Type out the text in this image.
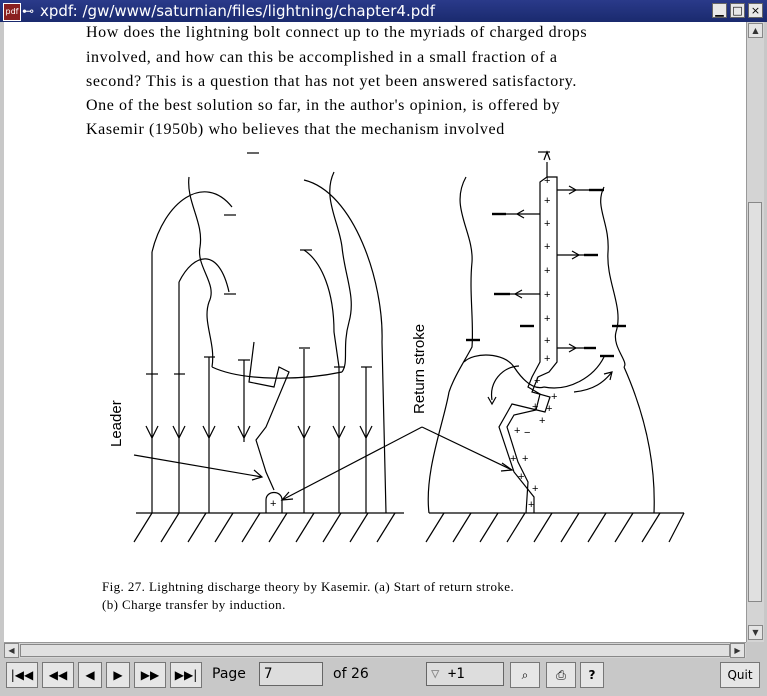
pdf ⊷ xpdf: /gw/www/saturnian/files/lightning/chapter4.pdf	▁ □ ×
How does the lightning bolt connect up to the myriads of charged drops
involved, and how can this be accomplished in a small fraction of a
second? This is a question that has not yet been answered satisfactory.
One of the best solution so far, in the author's opinion, is offered by
Kasemir (1950b) who believes that the mechanism involved
+
+
+
+
+
+
+
+
+
+
+
+ +
+ −
+ +
+
+
+
+
+
Leader
Return stroke
Fig. 27. Lightning discharge theory by Kasemir. (a) Start of return stroke.
(b) Charge transfer by induction.
▲
▼
◀	▶
|◀◀	◀◀	◀	▶	▶▶	▶▶|	Page	7	of 26	▽ +1	⌕	⎙	?	Quit
